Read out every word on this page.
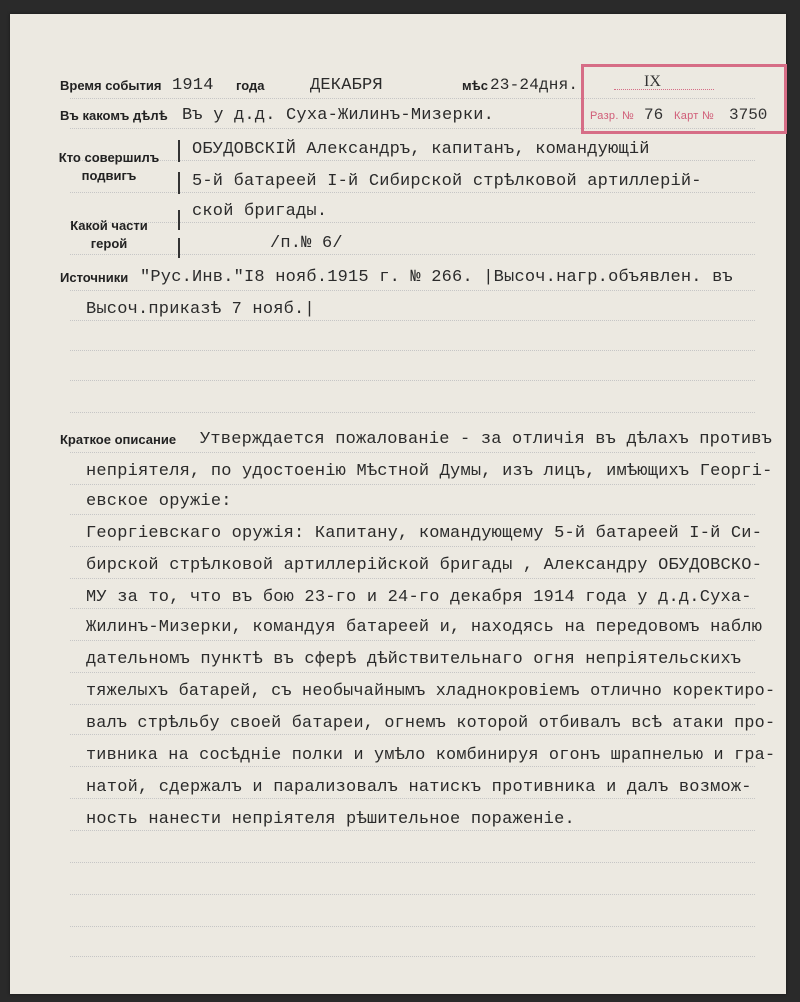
IX
Разр. № 76 Карт № 3750
Время события 1914 года	ДЕКАБРЯ	мѣс 23-24дня.
Въ какомъ дѣлѣ Въ у д.д. Суха-Жилинъ-Мизерки.
Кто совершилъ
подвигъ
Какой части
герой
ОБУДОВСКIЙ Александръ, капитанъ, командующiй
5-й батареей I-й Сибирской стрѣлковой артиллерiй-
ской бригады.
/п.№ 6/
Источники "Рус.Инв."I8 нояб.1915 г. № 266. |Высоч.нагр.объявлен. въ
Высоч.приказѣ 7 нояб.|
Краткое описание Утверждается пожалованiе - за отличiя въ дѣлахъ противъ
непрiятеля, по удостоенiю Мѣстной Думы, изъ лицъ, имѣющихъ Георгi-
евское оружiе:
Георгiевскаго оружiя: Капитану, командующему 5-й батареей I-й Си-
бирской стрѣлковой артиллерiйской бригады , Александру ОБУДОВСКО-
МУ за то, что въ бою 23-го и 24-го декабря 1914 года у д.д.Суха-
Жилинъ-Мизерки, командуя батареей и, находясь на передовомъ наблю
дательномъ пунктѣ въ сферѣ дѣйствительнаго огня непрiятельскихъ
тяжелыхъ батарей, съ необычайнымъ хладнокровiемъ отлично коректиро-
валъ стрѣльбу своей батареи, огнемъ которой отбивалъ всѣ атаки про-
тивника на сосѣднiе полки и умѣло комбинируя огонъ шрапнелью и гра-
натой, сдержалъ и парализовалъ натискъ противника и далъ возмож-
ность нанести непрiятеля рѣшительное пораженiе.
